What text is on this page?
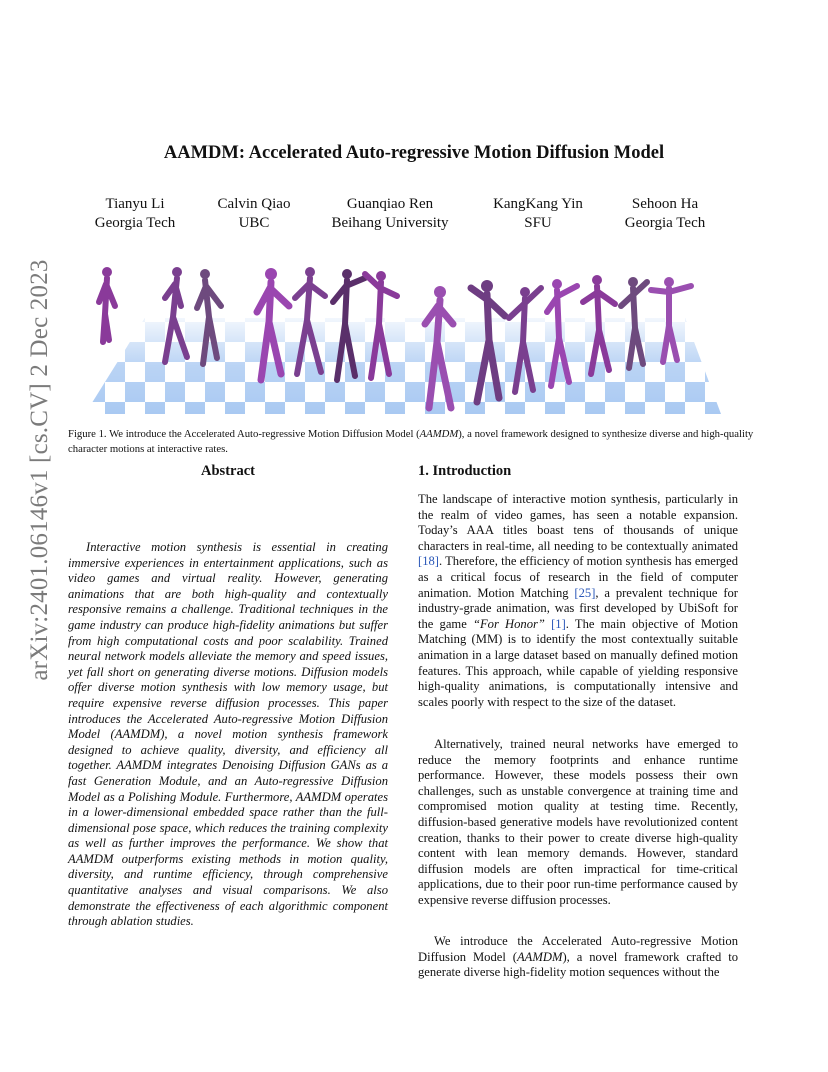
arXiv:2401.06146v1 [cs.CV] 2 Dec 2023
AAMDM: Accelerated Auto-regressive Motion Diffusion Model
Tianyu Li
Georgia Tech
Calvin Qiao
UBC
Guanqiao Ren
Beihang University
KangKang Yin
SFU
Sehoon Ha
Georgia Tech
Figure 1. We introduce the Accelerated Auto-regressive Motion Diffusion Model (AAMDM), a novel framework designed to synthesize diverse and high-quality character motions at interactive rates.
Abstract

Interactive motion synthesis is essential in creating immersive experiences in entertainment applications, such as video games and virtual reality. However, generating animations that are both high-quality and contextually responsive remains a challenge. Traditional techniques in the game industry can produce high-fidelity animations but suffer from high computational costs and poor scalability. Trained neural network models alleviate the memory and speed issues, yet fall short on generating diverse motions. Diffusion models offer diverse motion synthesis with low memory usage, but require expensive reverse diffusion processes. This paper introduces the Accelerated Auto-regressive Motion Diffusion Model (AAMDM), a novel motion synthesis framework designed to achieve quality, diversity, and efficiency all together. AAMDM integrates Denoising Diffusion GANs as a fast Generation Module, and an Auto-regressive Diffusion Model as a Polishing Module. Furthermore, AAMDM operates in a lower-dimensional embedded space rather than the full-dimensional pose space, which reduces the training complexity as well as further improves the performance. We show that AAMDM outperforms existing methods in motion quality, diversity, and runtime efficiency, through comprehensive quantitative analyses and visual comparisons. We also demonstrate the effectiveness of each algorithmic component through ablation studies.

1. Introduction

The landscape of interactive motion synthesis, particularly in the realm of video games, has seen a notable expansion. Today’s AAA titles boast tens of thousands of unique characters in real-time, all needing to be contextually animated [18]. Therefore, the efficiency of motion synthesis has emerged as a critical focus of research in the field of computer animation. Motion Matching [25], a prevalent technique for industry-grade animation, was first developed by UbiSoft for the game “For Honor” [1]. The main objective of Motion Matching (MM) is to identify the most contextually suitable animation in a large dataset based on manually defined motion features. This approach, while capable of yielding responsive high-quality animations, is computationally intensive and scales poorly with respect to the size of the dataset.

Alternatively, trained neural networks have emerged to reduce the memory footprints and enhance runtime performance. However, these models possess their own challenges, such as unstable convergence at training time and compromised motion quality at testing time. Recently, diffusion-based generative models have revolutionized content creation, thanks to their power to create diverse high-quality content with lean memory demands. However, standard diffusion models are often impractical for time-critical applications, due to their poor run-time performance caused by expensive reverse diffusion processes.

We introduce the Accelerated Auto-regressive Motion Diffusion Model (AAMDM), a novel framework crafted to generate diverse high-fidelity motion sequences without the
